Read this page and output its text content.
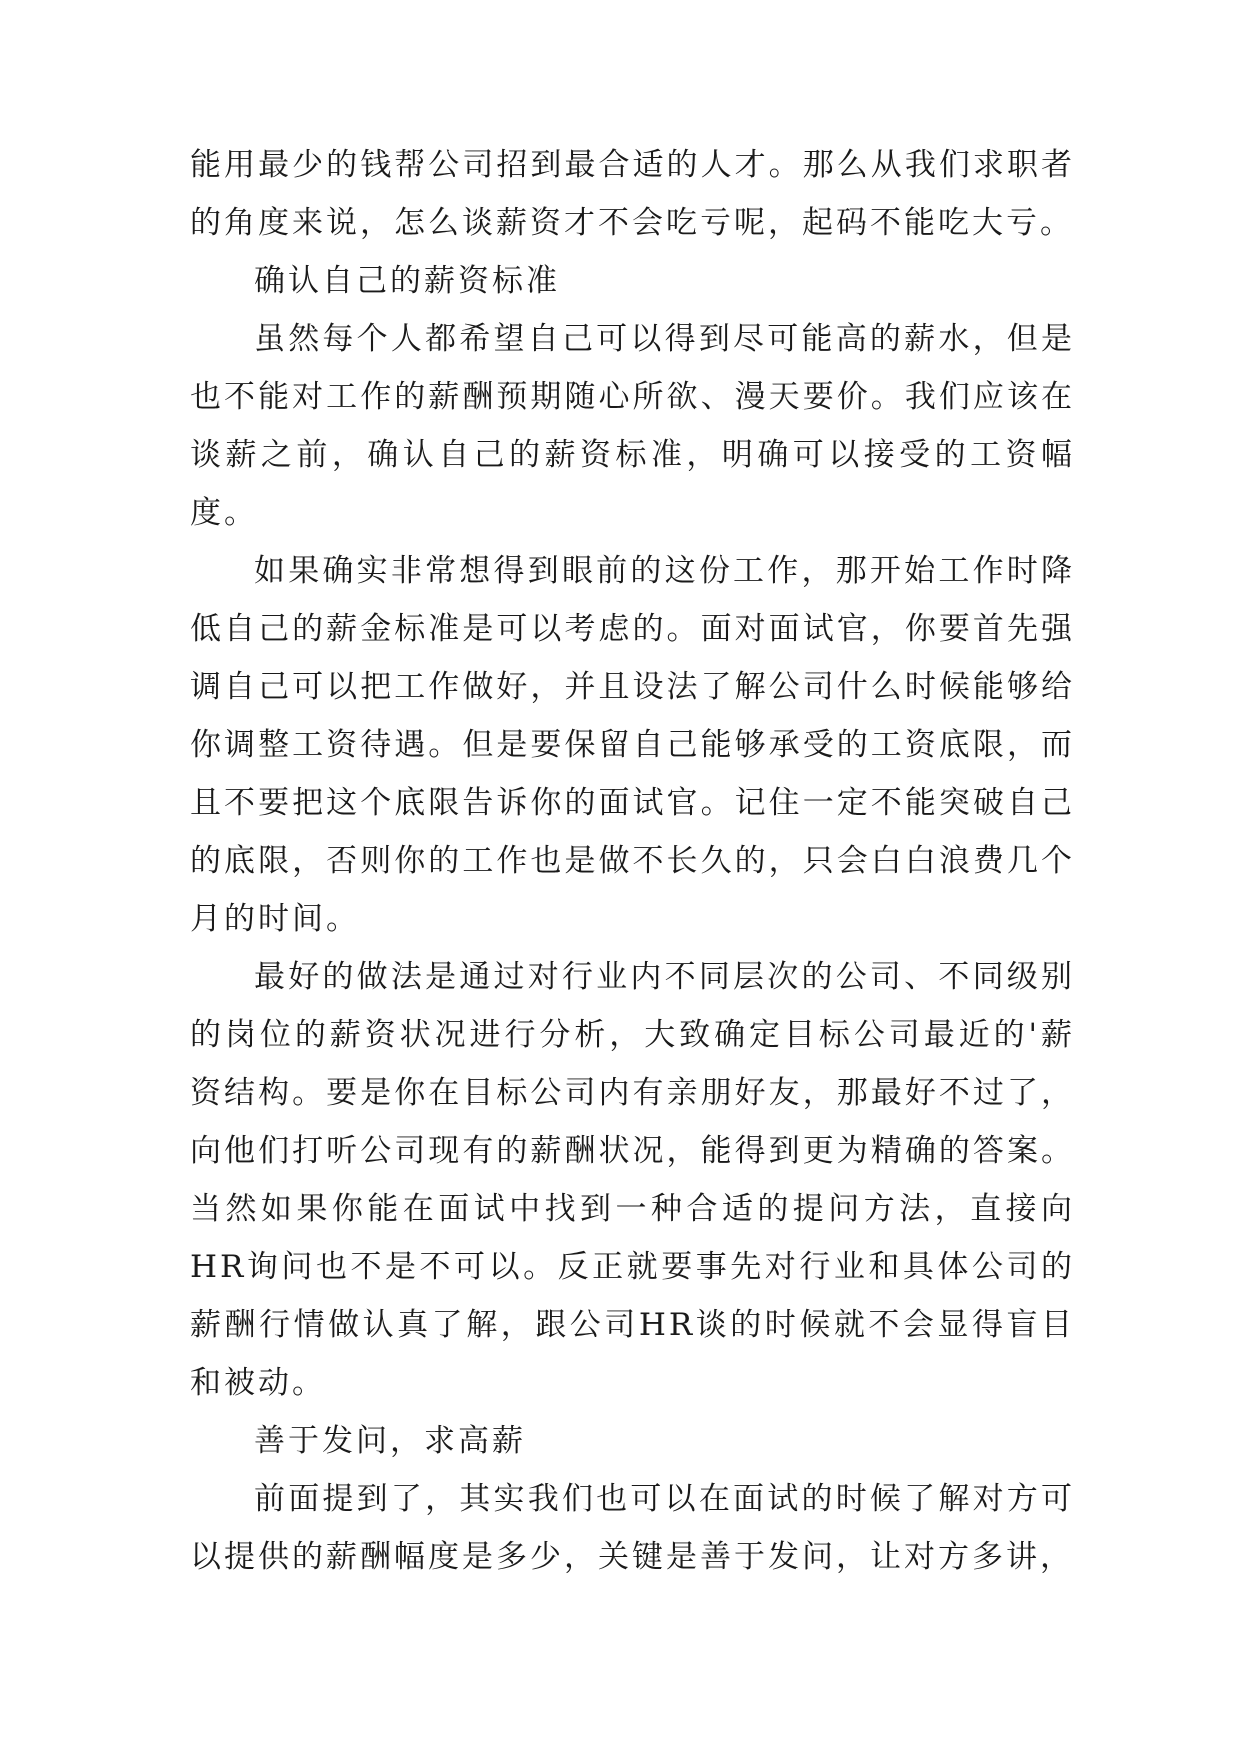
能用最少的钱帮公司招到最合适的人才。那么从我们求职者的角度来说，怎么谈薪资才不会吃亏呢，起码不能吃大亏。

确认自己的薪资标准

虽然每个人都希望自己可以得到尽可能高的薪水，但是也不能对工作的薪酬预期随心所欲、漫天要价。我们应该在谈薪之前，确认自己的薪资标准，明确可以接受的工资幅度。

如果确实非常想得到眼前的这份工作，那开始工作时降低自己的薪金标准是可以考虑的。面对面试官，你要首先强调自己可以把工作做好，并且设法了解公司什么时候能够给你调整工资待遇。但是要保留自己能够承受的工资底限，而且不要把这个底限告诉你的面试官。记住一定不能突破自己的底限，否则你的工作也是做不长久的，只会白白浪费几个月的时间。

最好的做法是通过对行业内不同层次的公司、不同级别的岗位的薪资状况进行分析，大致确定目标公司最近的'薪资结构。要是你在目标公司内有亲朋好友，那最好不过了，向他们打听公司现有的薪酬状况，能得到更为精确的答案。当然如果你能在面试中找到一种合适的提问方法，直接向HR询问也不是不可以。反正就要事先对行业和具体公司的薪酬行情做认真了解，跟公司HR谈的时候就不会显得盲目和被动。

善于发问，求高薪

前面提到了，其实我们也可以在面试的时候了解对方可以提供的薪酬幅度是多少，关键是善于发问，让对方多讲，
